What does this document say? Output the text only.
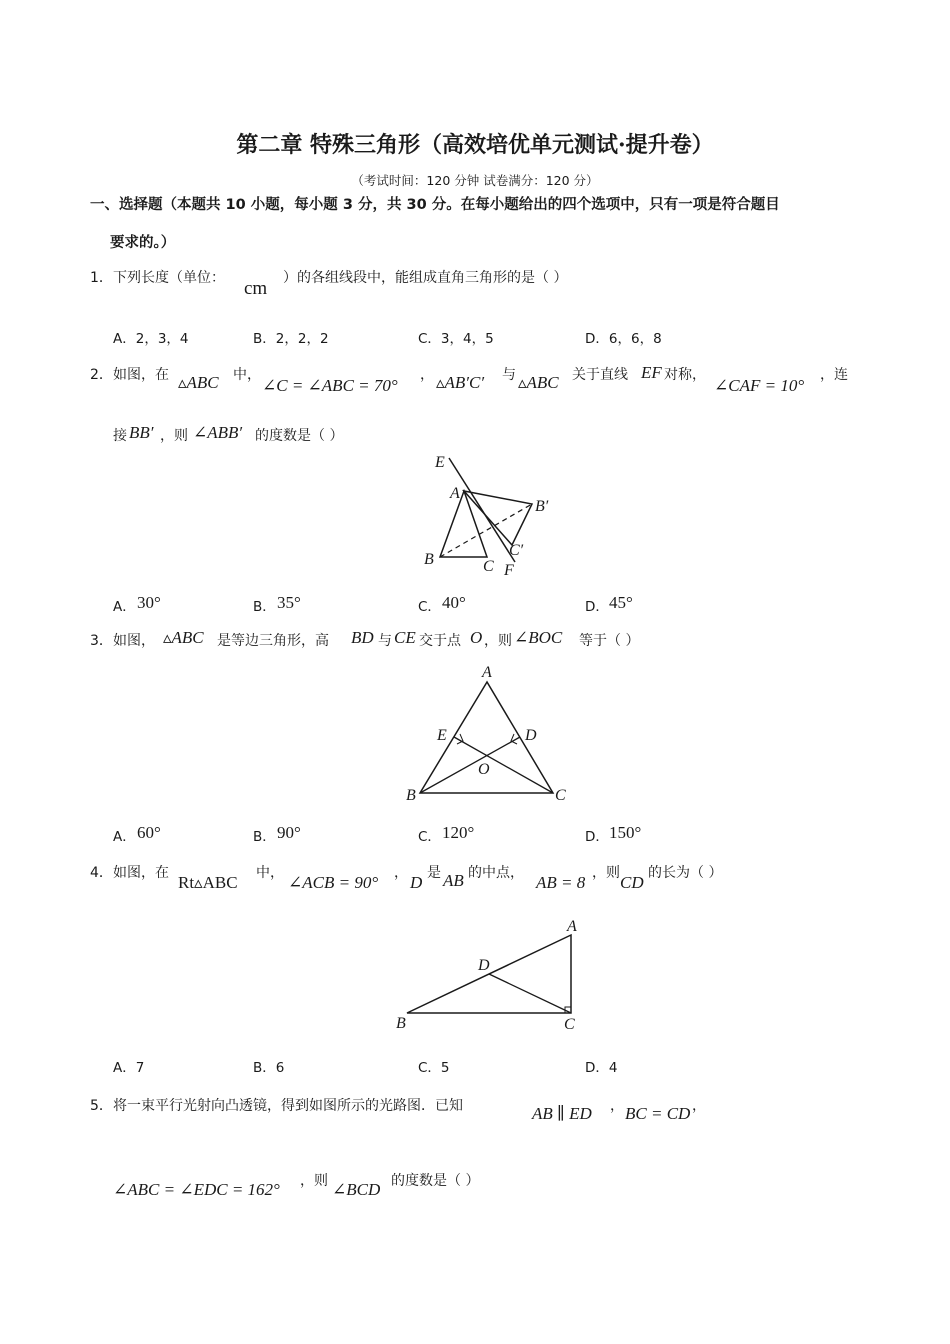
第二章 特殊三角形（高效培优单元测试·提升卷）
（考试时间：120 分钟 试卷满分：120 分）
一、选择题（本题共 10 小题，每小题 3 分，共 30 分。在每小题给出的四个选项中，只有一项是符合题目
要求的。）
1． 下列长度（单位： cm ）的各组线段中，能组成直角三角形的是（ ）
A．2，3，4	B．2，2，2	C．3，4，5	D．6，6，8
2． 如图，在 ▵ABC 中，
∠C = ∠ABC = 70°
， ▵AB′C′ 与 ▵ABC 关于直线 EF 对称，
∠CAF = 10°
，连
接 BB′ ，则 ∠ABB′ 的度数是（ ）
E
A
B′
B	C
C′
F
A． 30°	B． 35°	C． 40°	D． 45°
3． 如图， ▵ABC 是等边三角形，高 BD 与 CE 交于点 O ，则 ∠BOC 等于（ ）
A
E	D
O
B	C
A． 60°	B． 90°	C． 120°	D． 150°
4． 如图，在 Rt▵ABC 中， ∠ACB = 90° ， D 是 AB 的中点， AB = 8 ，则 CD 的长为（ ）
A
D
B	C
A．7	B．6	C．5	D．4
5． 将一束平行光射向凸透镜，得到如图所示的光路图．已知	AB ∥ ED ， BC = CD ，
∠ABC = ∠EDC = 162° ，则 ∠BCD 的度数是（ ）
